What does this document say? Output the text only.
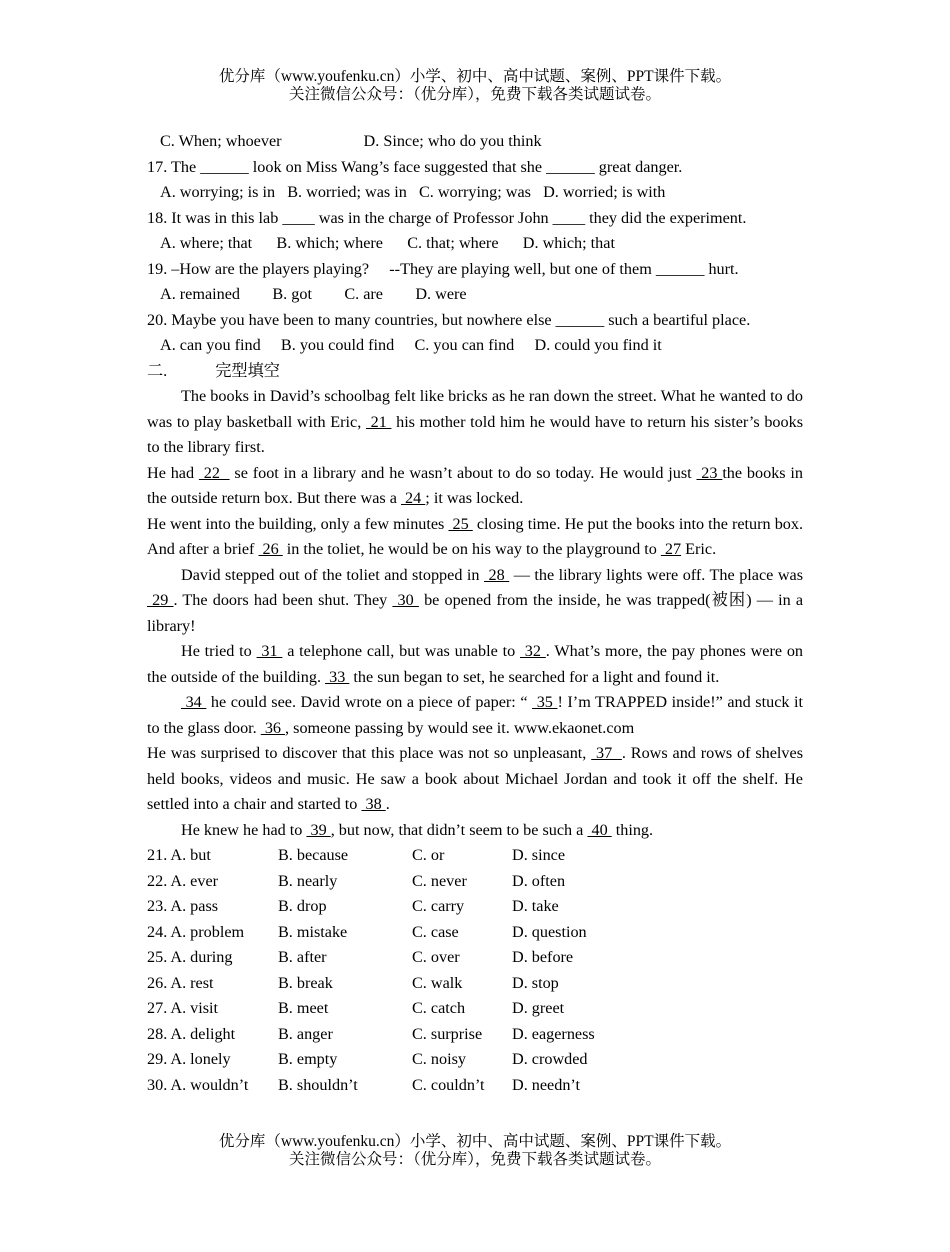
优分库（www.youfenku.cn）小学、初中、高中试题、案例、PPT课件下载。
关注微信公众号：（优分库），免费下载各类试题试卷。
C. When; whoever	D. Since; who do you think
17. The ______ look on Miss Wang’s face suggested that she ______ great danger.
A. worrying; is in   B. worried; was in   C. worrying; was   D. worried; is with
18. It was in this lab ____ was in the charge of Professor John ____ they did the experiment.
A. where; that      B. which; where      C. that; where      D. which; that
19. –How are the players playing?     --They are playing well, but one of them ______ hurt.
A. remained        B. got        C. are        D. were
20. Maybe you have been to many countries, but nowhere else ______ such a beartiful place.
A. can you find     B. you could find     C. you can find     D. could you find it
二.	完型填空
The books in David’s schoolbag felt like bricks as he ran down the street. What he wanted to do was to play basketball with Eric,  21  his mother told him he would have to return his sister’s books to the library first.
He had  22   se foot in a library and he wasn’t about to do so today. He would just  23 the books in the outside return box. But there was a  24 ; it was locked.
He went into the building, only a few minutes  25  closing time. He put the books into the return box. And after a brief  26  in the toliet, he would be on his way to the playground to  27 Eric.
David stepped out of the toliet and stopped in  28  — the library lights were off. The place was  29 . The doors had been shut. They  30  be opened from the inside, he was trapped(被困) — in a library!
He tried to  31  a telephone call, but was unable to  32 . What’s more, the pay phones were on the outside of the building.  33  the sun began to set, he searched for a light and found it.
34  he could see. David wrote on a piece of paper: “  35 ! I’m TRAPPED inside!” and stuck it to the glass door.  36 , someone passing by would see it. www.ekaonet.com
He was surprised to discover that this place was not so unpleasant,  37  . Rows and rows of shelves held books, videos and music. He saw a book about Michael Jordan and took it off the shelf. He settled into a chair and started to  38 .
He knew he had to  39 , but now, that didn’t seem to be such a  40  thing.
21. A. but	B. because	C. or	D. since
22. A. ever	B. nearly	C. never	D. often
23. A. pass	B. drop	C. carry	D. take
24. A. problem	B. mistake	C. case	D. question
25. A. during	B. after	C. over	D. before
26. A. rest	B. break	C. walk	D. stop
27. A. visit	B. meet	C. catch	D. greet
28. A. delight	B. anger	C. surprise	D. eagerness
29. A. lonely	B. empty	C. noisy	D. crowded
30. A. wouldn’t	B. shouldn’t	C. couldn’t	D. needn’t
优分库（www.youfenku.cn）小学、初中、高中试题、案例、PPT课件下载。
关注微信公众号：（优分库），免费下载各类试题试卷。
